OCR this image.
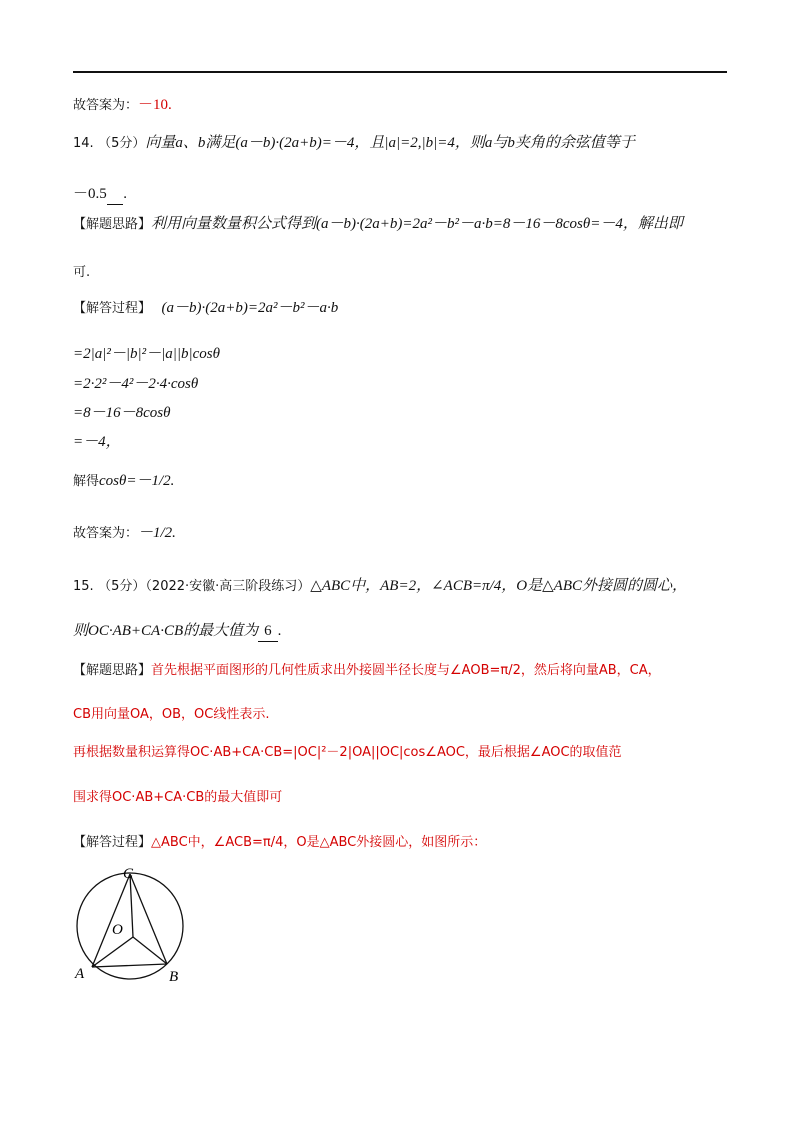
故答案为：－10.
14. （5分）向量a、b满足(a－b)·(2a+b)=－4，且|a|=2,|b|=4，则a与b夹角的余弦值等于
－0.5 .
【解题思路】利用向量数量积公式得到(a－b)·(2a+b)=2a²－b²－a·b=8－16－8cosθ=－4，解出即
可.
【解答过程】 (a－b)·(2a+b)=2a²－b²－a·b
=2|a|²－|b|²－|a||b|cosθ
=2·2²－4²－2·4·cosθ
=8－16－8cosθ
=－4，
解得cosθ=－1/2.
故答案为：－1/2.
15. （5分）（2022·安徽·高三阶段练习）△ABC中，AB=2，∠ACB=π/4，O是△ABC外接圆的圆心，
则OC·AB+CA·CB的最大值为 6 .
【解题思路】首先根据平面图形的几何性质求出外接圆半径长度与∠AOB=π/2，然后将向量AB，CA，
CB用向量OA，OB，OC线性表示.
再根据数量积运算得OC·AB+CA·CB=|OC|²－2|OA||OC|cos∠AOC，最后根据∠AOC的取值范
围求得OC·AB+CA·CB的最大值即可
【解答过程】△ABC中，∠ACB=π/4，O是△ABC外接圆心，如图所示：
C
O
A	B
